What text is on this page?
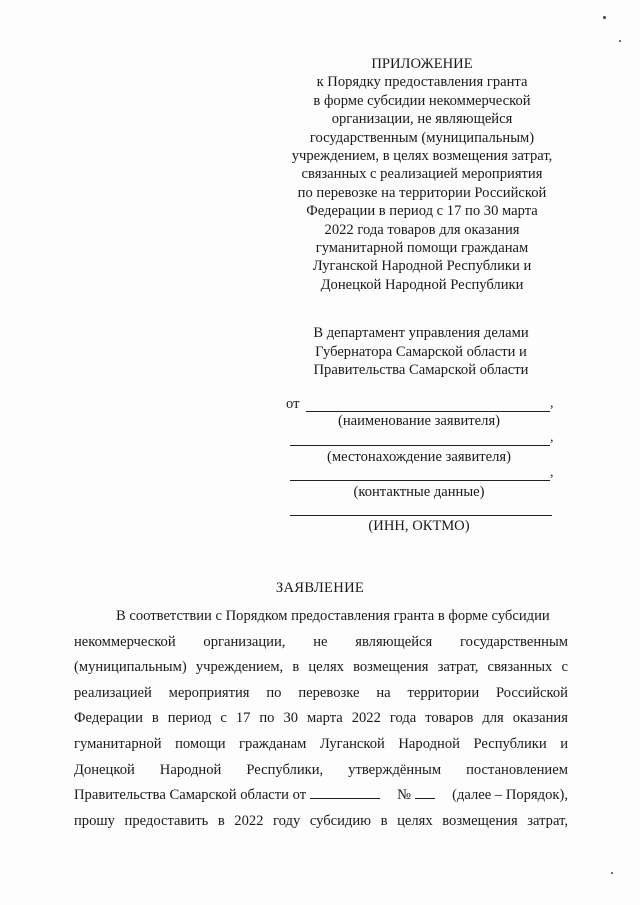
ПРИЛОЖЕНИЕ
к Порядку предоставления гранта
в форме субсидии некоммерческой
организации, не являющейся
государственным (муниципальным)
учреждением, в целях возмещения затрат,
связанных с реализацией мероприятия
по перевозке на территории Российской
Федерации в период с 17 по 30 марта
2022 года товаров для оказания
гуманитарной помощи гражданам
Луганской Народной Республики и
Донецкой Народной Республики
В департамент управления делами
Губернатора Самарской области и
Правительства Самарской области
от	,
(наименование заявителя)
,
(местонахождение заявителя)
,
(контактные данные)
(ИНН, ОКТМО)
ЗАЯВЛЕНИЕ
В соответствии с Порядком предоставления гранта в форме субсидии
некоммерческой организации, не являющейся государственным
(муниципальным) учреждением, в целях возмещения затрат, связанных с
реализацией мероприятия по перевозке на территории Российской
Федерации в период с 17 по 30 марта 2022 года товаров для оказания
гуманитарной помощи гражданам Луганской Народной Республики и
Донецкой Народной Республики, утверждённым постановлением
Правительства Самарской области от	№	(далее – Порядок),
прошу предоставить в 2022 году субсидию в целях возмещения затрат,
